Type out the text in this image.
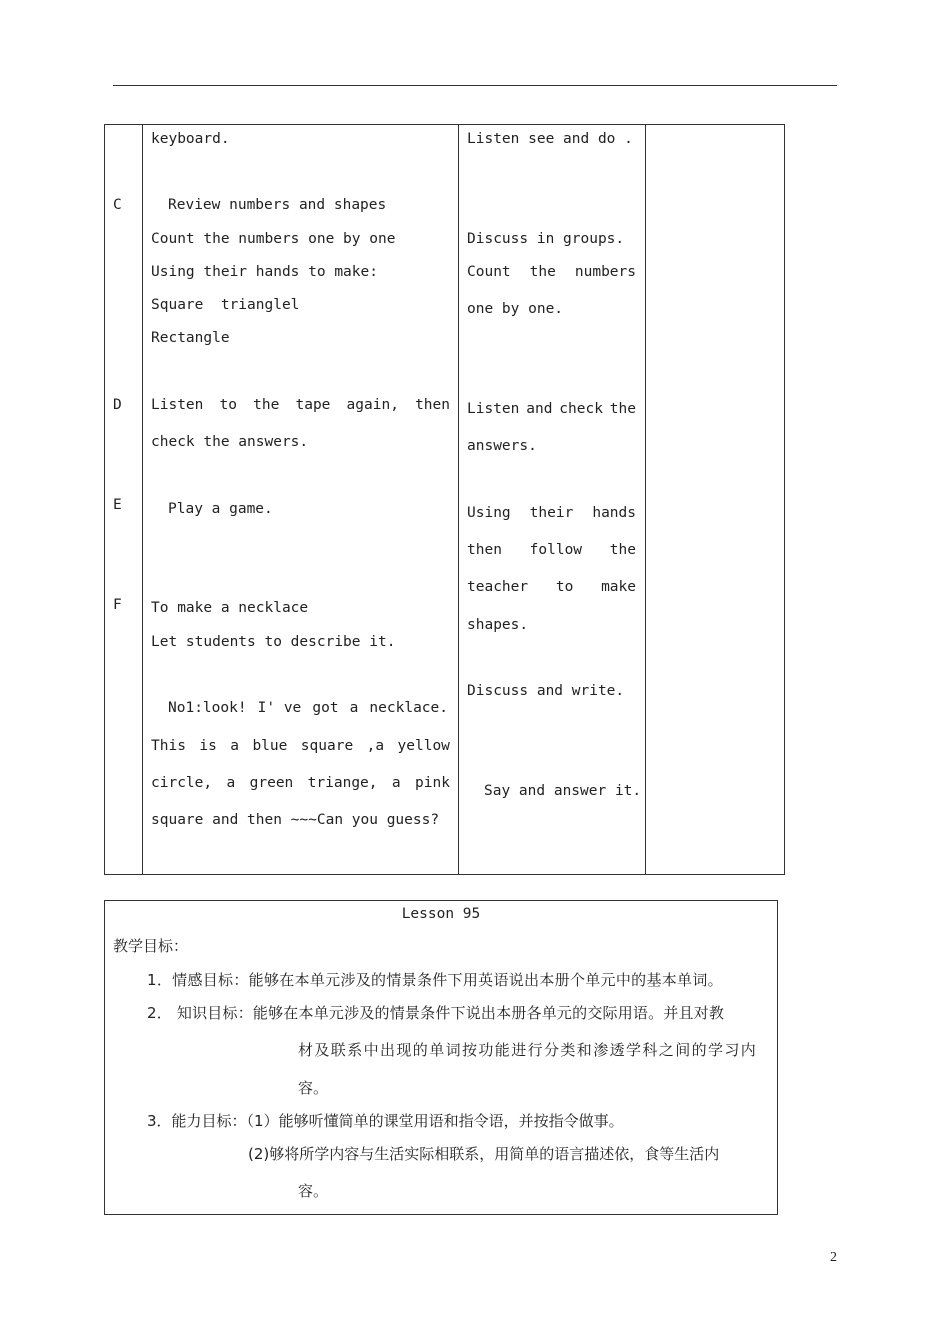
C
D
E
F
keyboard.
Review numbers and shapes
Count the numbers one by one
Using their hands to make:
Square  trianglel
Rectangle
Listen to the tape again, then
check the answers.
Play a game.
To make a necklace
Let students to describe it.
No1:look! I' ve got a necklace.
This is a blue square ,a yellow
circle, a green triange, a pink
square and then ~~~Can you guess?
Listen see and do .
Discuss in groups.
Count the numbers
one by one.
Listen and check the
answers.
Using their hands
then follow the
teacher to make
shapes.
Discuss and write.
Say and answer it.
Lesson 95
教学目标：
1．情感目标：能够在本单元涉及的情景条件下用英语说出本册个单元中的基本单词。
2． 知识目标：能够在本单元涉及的情景条件下说出本册各单元的交际用语。并且对教
材及联系中出现的单词按功能进行分类和渗透学科之间的学习内
容。
3．能力目标：（1）能够听懂简单的课堂用语和指令语，并按指令做事。
(2)够将所学内容与生活实际相联系，用简单的语言描述依，食等生活内
容。
2
